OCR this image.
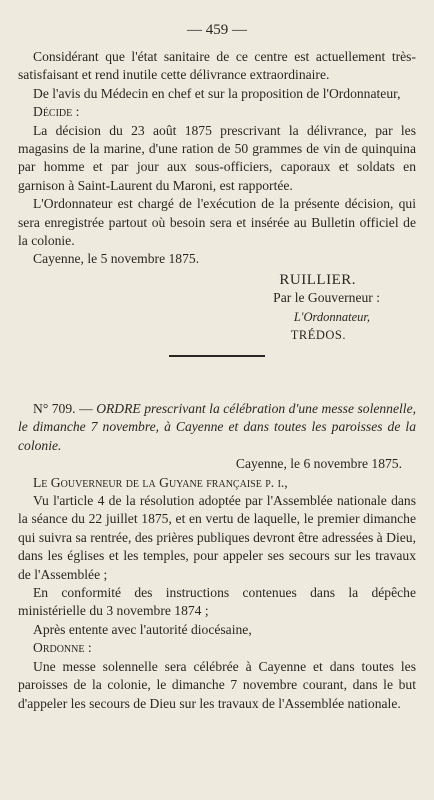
— 459 —

Considérant que l'état sanitaire de ce centre est actuellement très-satisfaisant et rend inutile cette délivrance extraordinaire.

De l'avis du Médecin en chef et sur la proposition de l'Ordonnateur,

Décide :

La décision du 23 août 1875 prescrivant la délivrance, par les magasins de la marine, d'une ration de 50 grammes de vin de quinquina par homme et par jour aux sous-officiers, caporaux et soldats en garnison à Saint-Laurent du Maroni, est rapportée.

L'Ordonnateur est chargé de l'exécution de la présente décision, qui sera enregistrée partout où besoin sera et insérée au Bulletin officiel de la colonie.

Cayenne, le 5 novembre 1875.

RUILLIER.

Par le Gouverneur :

L'Ordonnateur,

TRÉDOS.

N° 709. — ORDRE prescrivant la célébration d'une messe solennelle, le dimanche 7 novembre, à Cayenne et dans toutes les paroisses de la colonie.

Cayenne, le 6 novembre 1875.

Le Gouverneur de la Guyane française p. i.,

Vu l'article 4 de la résolution adoptée par l'Assemblée nationale dans la séance du 22 juillet 1875, et en vertu de laquelle, le premier dimanche qui suivra sa rentrée, des prières publiques devront être adressées à Dieu, dans les églises et les temples, pour appeler ses secours sur les travaux de l'Assemblée ;

En conformité des instructions contenues dans la dépêche ministérielle du 3 novembre 1874 ;

Après entente avec l'autorité diocésaine,

Ordonne :

Une messe solennelle sera célébrée à Cayenne et dans toutes les paroisses de la colonie, le dimanche 7 novembre courant, dans le but d'appeler les secours de Dieu sur les travaux de l'Assemblée nationale.
